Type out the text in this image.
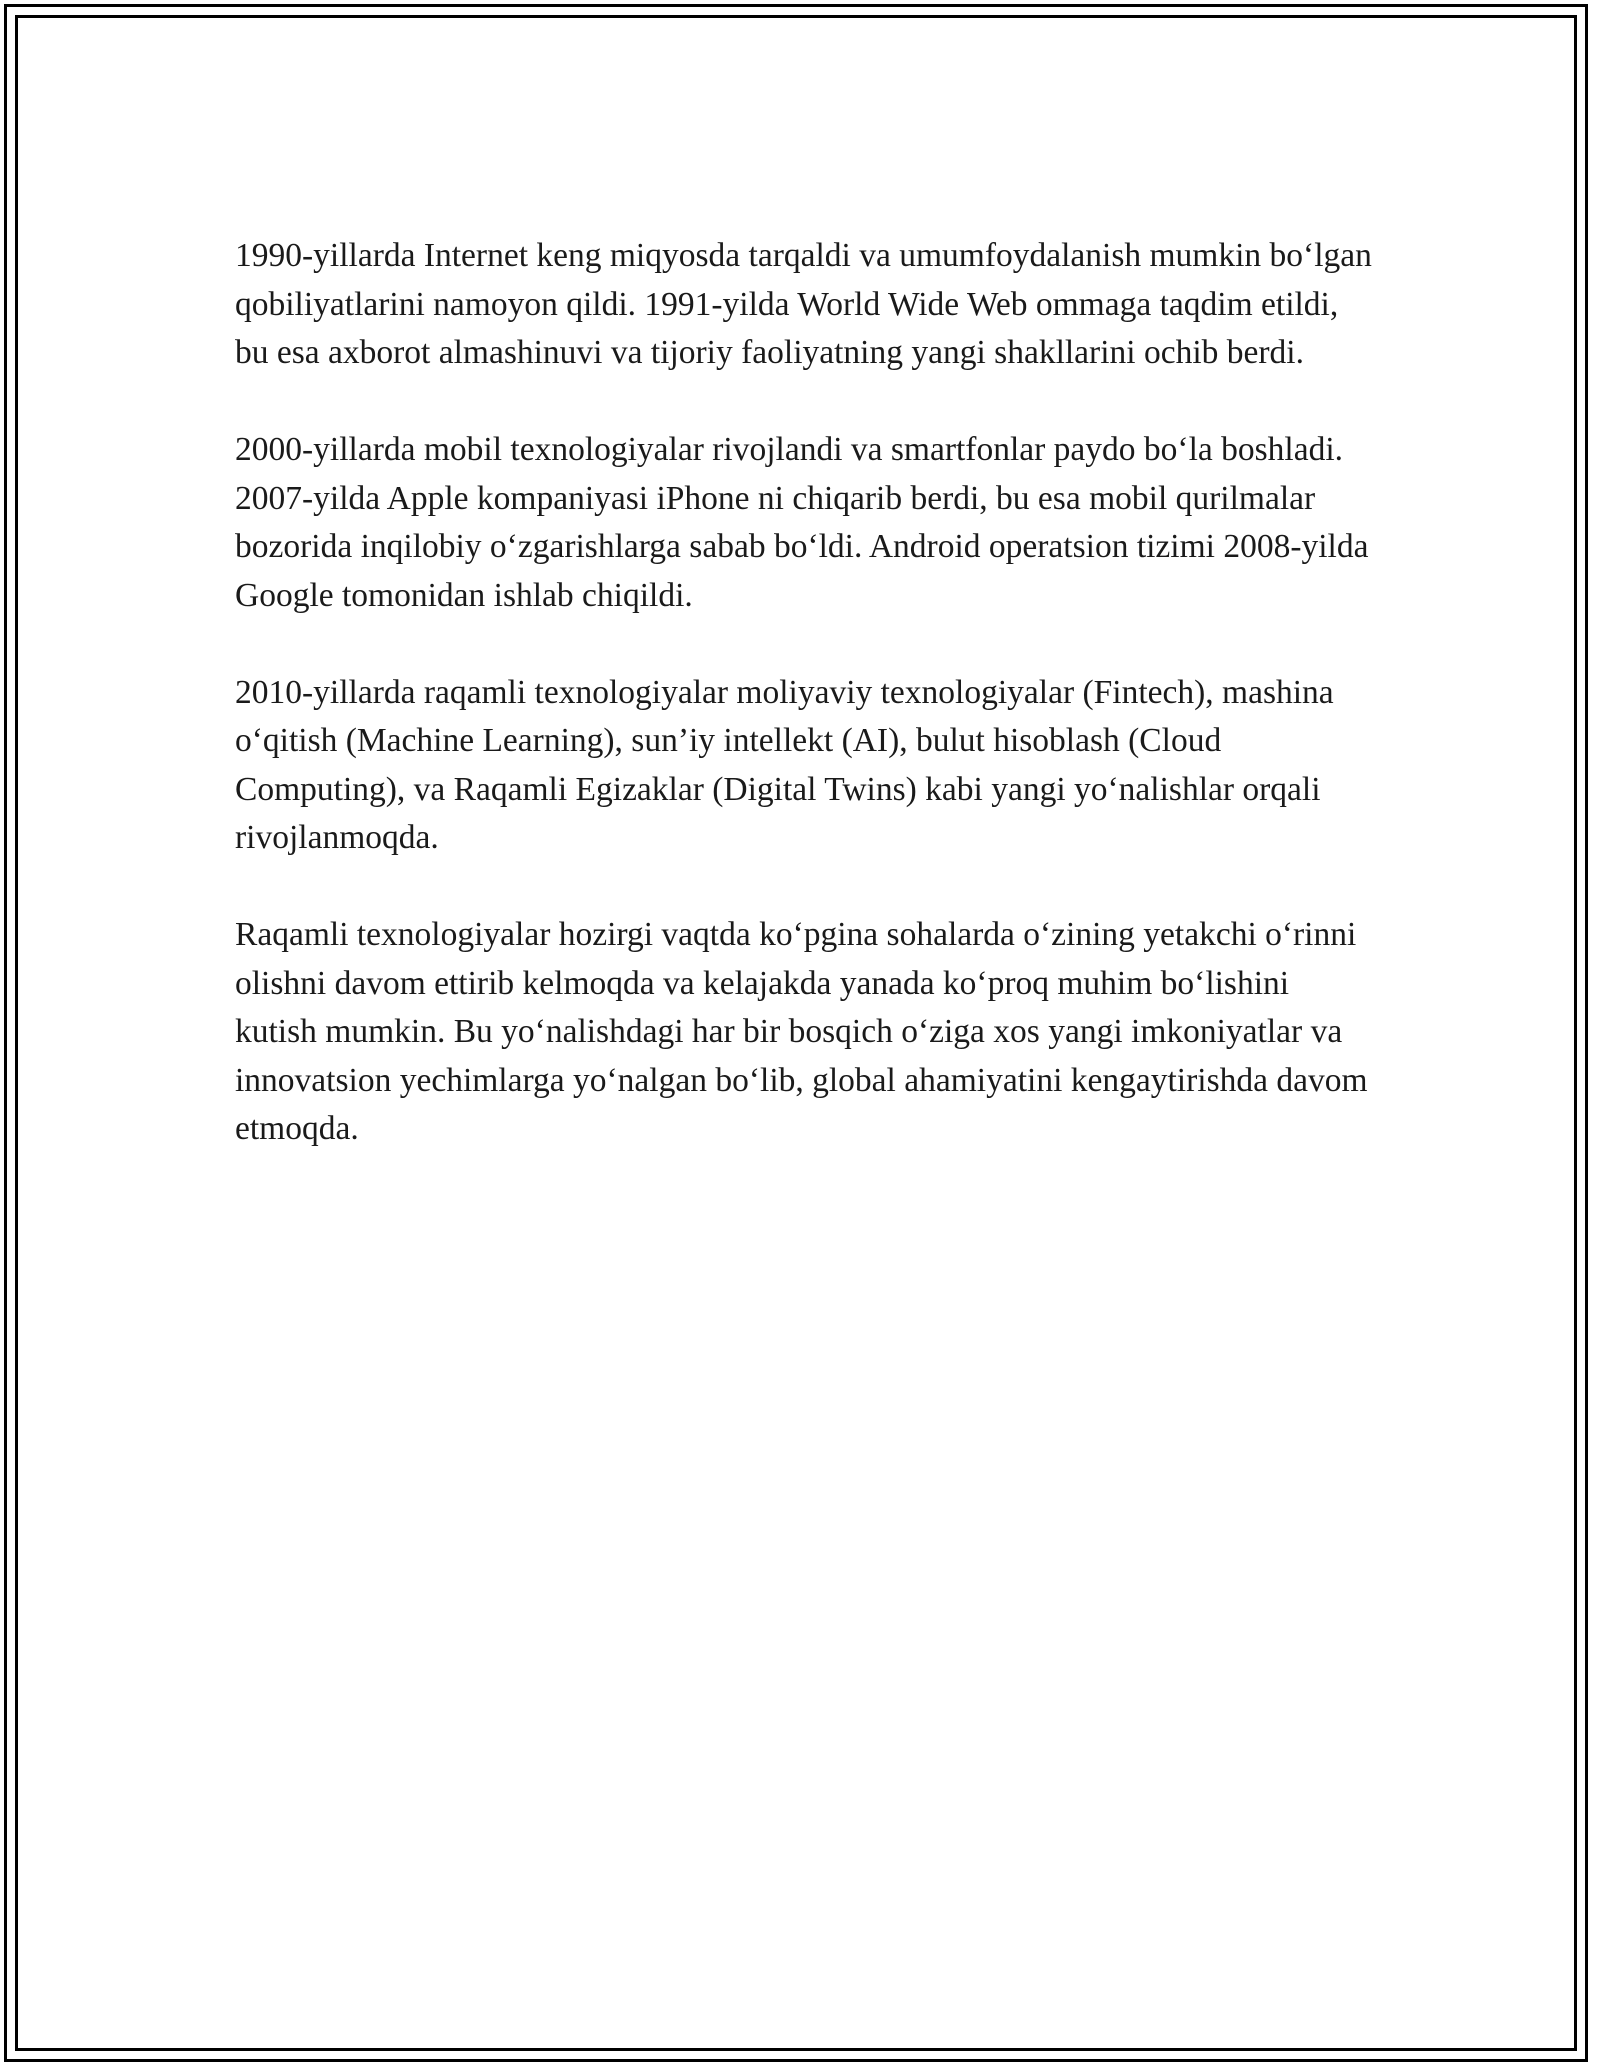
1990-yillarda Internet keng miqyosda tarqaldi va umumfoydalanish mumkin bo‘lgan qobiliyatlarini namoyon qildi. 1991-yilda World Wide Web ommaga taqdim etildi, bu esa axborot almashinuvi va tijoriy faoliyatning yangi shakllarini ochib berdi.

2000-yillarda mobil texnologiyalar rivojlandi va smartfonlar paydo bo‘la boshladi. 2007-yilda Apple kompaniyasi iPhone ni chiqarib berdi, bu esa mobil qurilmalar bozorida inqilobiy o‘zgarishlarga sabab bo‘ldi. Android operatsion tizimi 2008-yilda Google tomonidan ishlab chiqildi.

2010-yillarda raqamli texnologiyalar moliyaviy texnologiyalar (Fintech), mashina o‘qitish (Machine Learning), sun’iy intellekt (AI), bulut hisoblash (Cloud Computing), va Raqamli Egizaklar (Digital Twins) kabi yangi yo‘nalishlar orqali rivojlanmoqda.

Raqamli texnologiyalar hozirgi vaqtda ko‘pgina sohalarda o‘zining yetakchi o‘rinni olishni davom ettirib kelmoqda va kelajakda yanada ko‘proq muhim bo‘lishini kutish mumkin. Bu yo‘nalishdagi har bir bosqich o‘ziga xos yangi imkoniyatlar va innovatsion yechimlarga yo‘nalgan bo‘lib, global ahamiyatini kengaytirishda davom etmoqda.
